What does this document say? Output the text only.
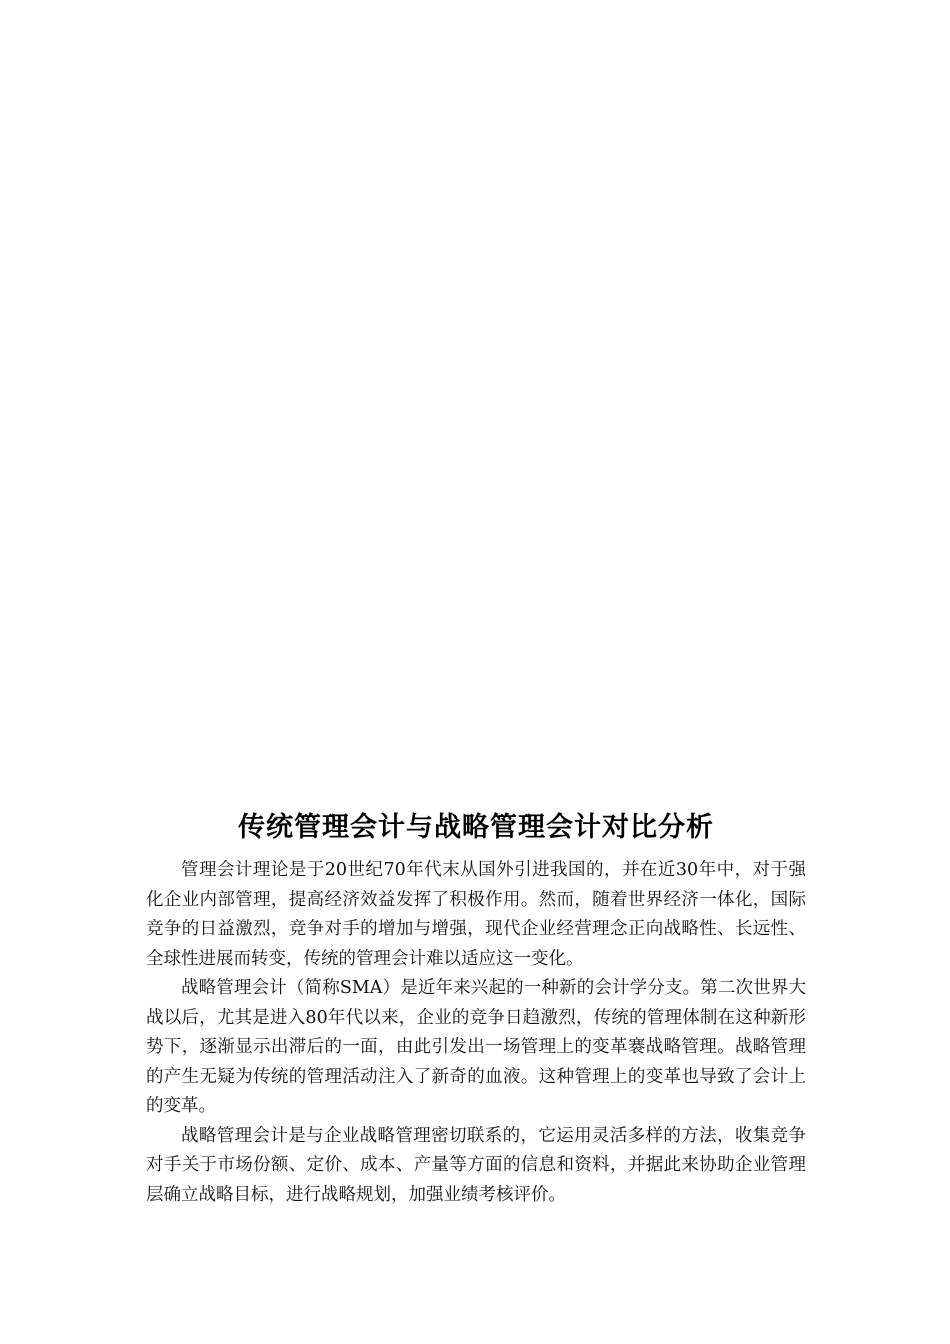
传统管理会计与战略管理会计对比分析

管理会计理论是于20世纪70年代末从国外引进我国的，并在近30年中，对于强化企业内部管理，提高经济效益发挥了积极作用。然而，随着世界经济一体化，国际竞争的日益激烈，竞争对手的增加与增强，现代企业经营理念正向战略性、长远性、全球性进展而转变，传统的管理会计难以适应这一变化。

战略管理会计（简称SMA）是近年来兴起的一种新的会计学分支。第二次世界大战以后，尤其是进入80年代以来，企业的竞争日趋激烈，传统的管理体制在这种新形势下，逐渐显示出滞后的一面，由此引发出一场管理上的变革褰战略管理。战略管理的产生无疑为传统的管理活动注入了新奇的血液。这种管理上的变革也导致了会计上的变革。

战略管理会计是与企业战略管理密切联系的，它运用灵活多样的方法，收集竞争对手关于市场份额、定价、成本、产量等方面的信息和资料，并据此来协助企业管理层确立战略目标，进行战略规划，加强业绩考核评价。
